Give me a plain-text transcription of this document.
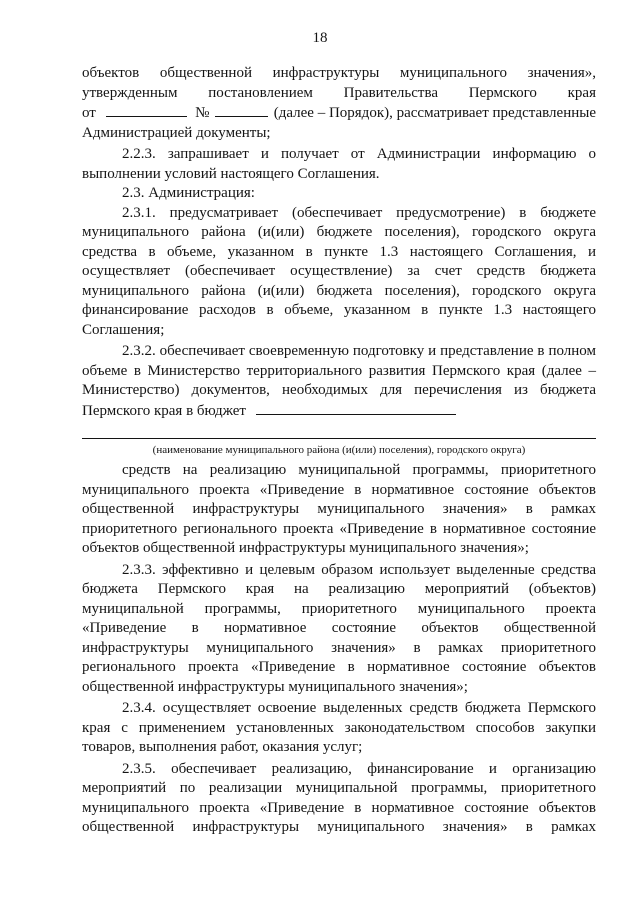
18

объектов общественной инфраструктуры муниципального значения»,

утвержденным постановлением Правительства Пермского края

от	№	(далее – Порядок), рассматривает представленные

Администрацией документы;

2.2.3. запрашивает и получает от Администрации информацию о выполнении условий настоящего Соглашения.

2.3. Администрация:

2.3.1. предусматривает (обеспечивает предусмотрение) в бюджете муниципального района (и(или) бюджете поселения), городского округа средства в объеме, указанном в пункте 1.3 настоящего Соглашения, и осуществляет (обеспечивает осуществление) за счет средств бюджета муниципального района (и(или) бюджета поселения), городского округа финансирование расходов в объеме, указанном в пункте 1.3 настоящего Соглашения;

2.3.2. обеспечивает своевременную подготовку и представление в полном объеме в Министерство территориального развития Пермского края (далее – Министерство) документов, необходимых для перечисления из бюджета Пермского края в бюджет

(наименование муниципального района (и(или) поселения), городского округа)

средств на реализацию муниципальной программы, приоритетного муниципального проекта «Приведение в нормативное состояние объектов общественной инфраструктуры муниципального значения» в рамках приоритетного регионального проекта «Приведение в нормативное состояние объектов общественной инфраструктуры муниципального значения»;

2.3.3. эффективно и целевым образом использует выделенные средства бюджета Пермского края на реализацию мероприятий (объектов) муниципальной программы, приоритетного муниципального проекта «Приведение в нормативное состояние объектов общественной инфраструктуры муниципального значения» в рамках приоритетного регионального проекта «Приведение в нормативное состояние объектов общественной инфраструктуры муниципального значения»;

2.3.4. осуществляет освоение выделенных средств бюджета Пермского края с применением установленных законодательством способов закупки товаров, выполнения работ, оказания услуг;

2.3.5. обеспечивает реализацию, финансирование и организацию мероприятий по реализации муниципальной программы, приоритетного муниципального проекта «Приведение в нормативное состояние объектов общественной инфраструктуры муниципального значения» в рамках
